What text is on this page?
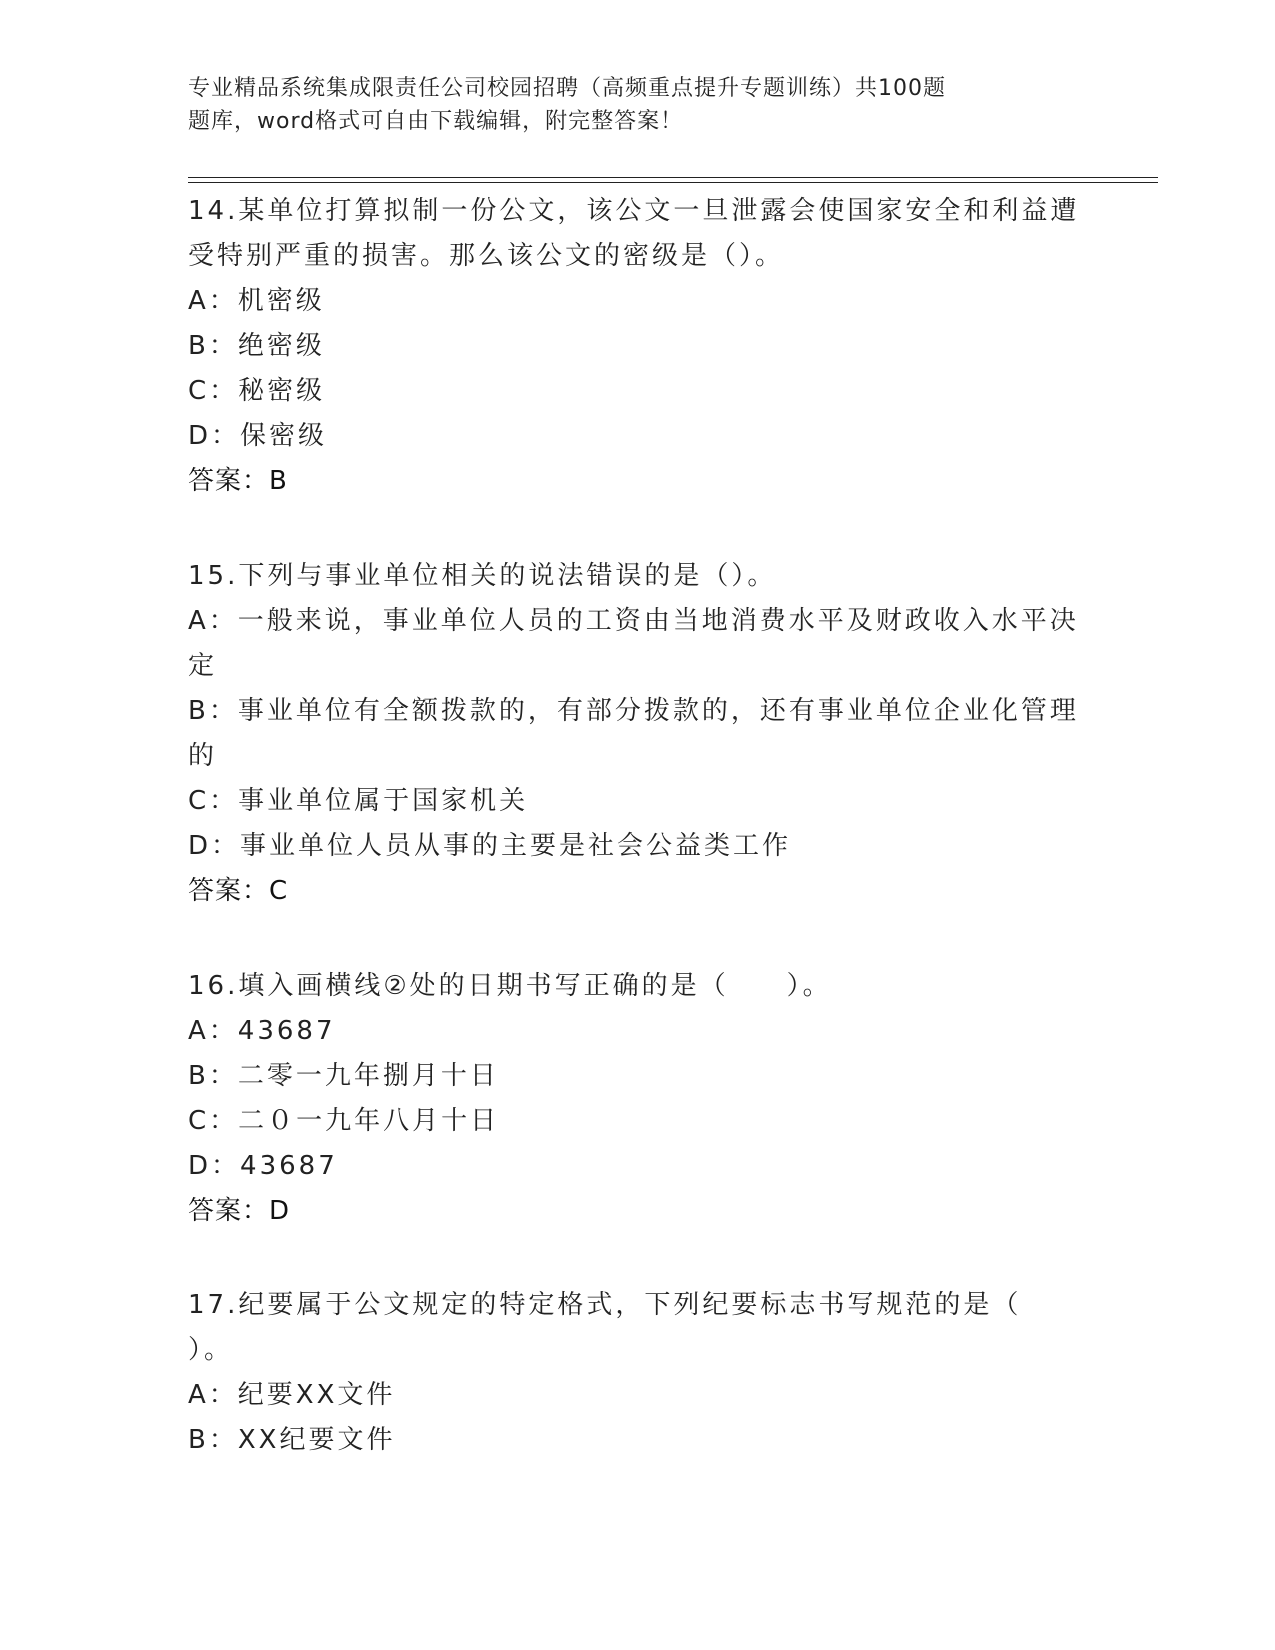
专业精品系统集成限责任公司校园招聘（高频重点提升专题训练）共100题
题库，word格式可自由下载编辑，附完整答案！
14.某单位打算拟制一份公文，该公文一旦泄露会使国家安全和利益遭
受特别严重的损害。那么该公文的密级是（）。
A：机密级
B：绝密级
C：秘密级
D：保密级
答案：B
15.下列与事业单位相关的说法错误的是（）。
A：一般来说，事业单位人员的工资由当地消费水平及财政收入水平决
定
B：事业单位有全额拨款的，有部分拨款的，还有事业单位企业化管理
的
C：事业单位属于国家机关
D：事业单位人员从事的主要是社会公益类工作
答案：C
16.填入画横线②处的日期书写正确的是（　　）。
A：43687
B：二零一九年捌月十日
C：二０一九年八月十日
D：43687
答案：D
17.纪要属于公文规定的特定格式，下列纪要标志书写规范的是（
）。
A：纪要XX文件
B：XX纪要文件
